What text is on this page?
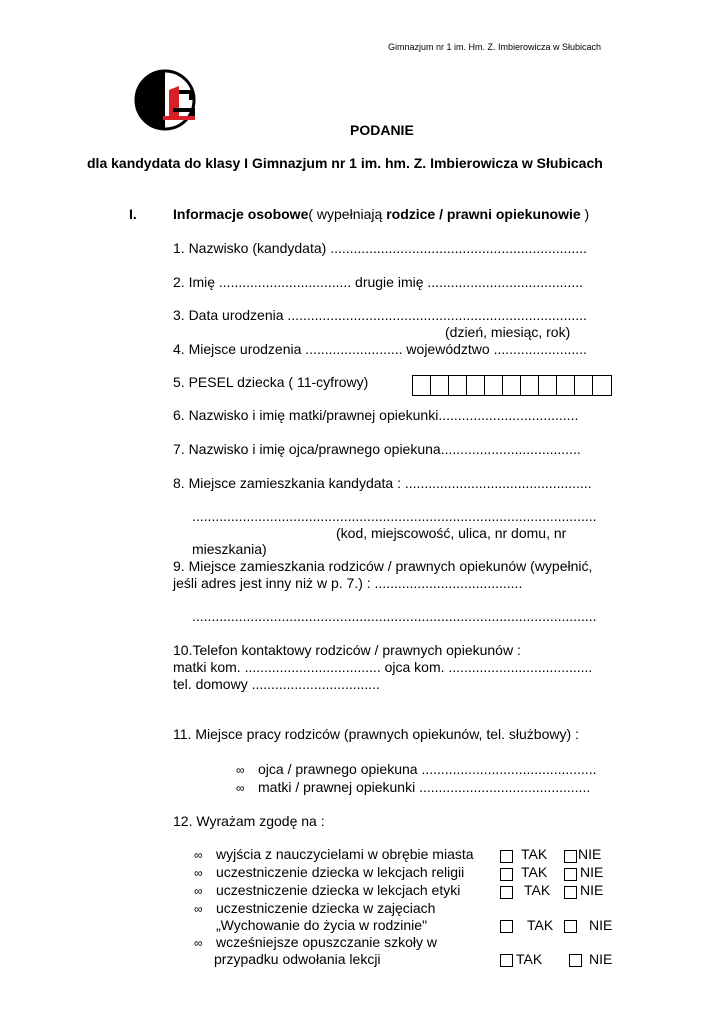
Gimnazjum nr 1 im. Hm. Z. Imbierowicza w Słubicach
PODANIE
dla kandydata do klasy I Gimnazjum nr 1 im. hm. Z. Imbierowicza w Słubicach
I.	Informacje osobowe( wypełniają rodzice / prawni opiekunowie )
1. Nazwisko (kandydata) ..................................................................
2. Imię .................................. drugie imię ........................................
3. Data urodzenia .............................................................................
(dzień, miesiąc, rok)
4. Miejsce urodzenia ......................... województwo ........................
5. PESEL dziecka ( 11-cyfrowy)
6. Nazwisko i imię matki/prawnej opiekunki....................................
7. Nazwisko i imię ojca/prawnego opiekuna....................................
8. Miejsce zamieszkania kandydata : ................................................
........................................................................................................
(kod, miejscowość, ulica, nr domu, nr
mieszkania)
9. Miejsce zamieszkania rodziców / prawnych opiekunów (wypełnić,
jeśli adres jest inny niż w p. 7.) : ......................................
........................................................................................................
10.Telefon kontaktowy rodziców / prawnych opiekunów :
matki kom. ................................... ojca kom. .....................................
tel. domowy .................................
11. Miejsce pracy rodziców (prawnych opiekunów, tel. służbowy) :
∞ ojca / prawnego opiekuna .............................................
∞ matki / prawnej opiekunki ............................................
12. Wyrażam zgodę na :
∞ wyjścia z nauczycielami w obrębie miasta	TAK NIE
∞ uczestniczenie dziecka w lekcjach religii	TAK NIE
∞ uczestniczenie dziecka w lekcjach etyki	TAK NIE
∞ uczestniczenie dziecka w zajęciach
„Wychowanie do życia w rodzinie"	TAK	NIE
∞ wcześniejsze opuszczanie szkoły w
przypadku odwołania lekcji	TAK	NIE
